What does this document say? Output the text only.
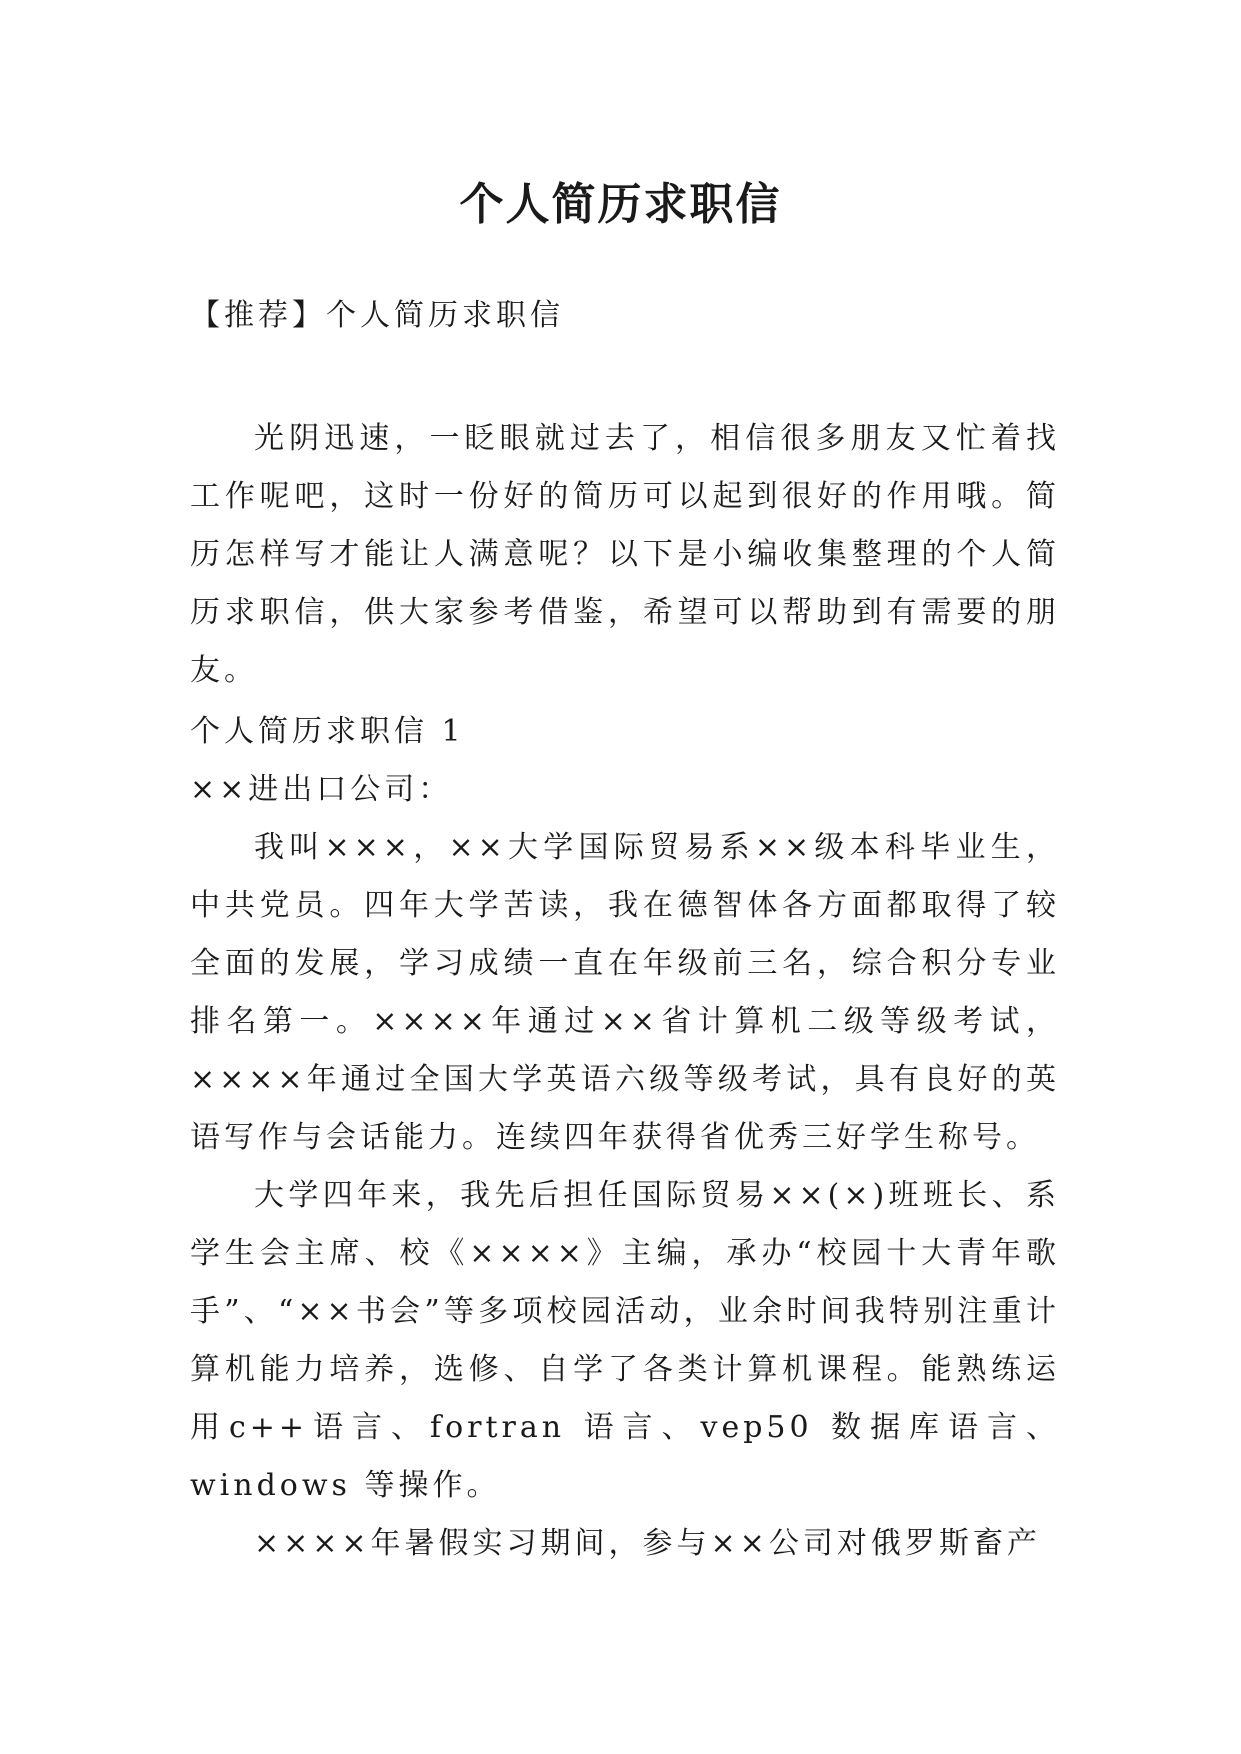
个人简历求职信
【推荐】个人简历求职信

光阴迅速，一眨眼就过去了，相信很多朋友又忙着找工作呢吧，这时一份好的简历可以起到很好的作用哦。简历怎样写才能让人满意呢？以下是小编收集整理的个人简历求职信，供大家参考借鉴，希望可以帮助到有需要的朋友。

个人简历求职信 1

××进出口公司：

我叫×××，××大学国际贸易系××级本科毕业生，中共党员。四年大学苦读，我在德智体各方面都取得了较全面的发展，学习成绩一直在年级前三名，综合积分专业排名第一。××××年通过××省计算机二级等级考试，××××年通过全国大学英语六级等级考试，具有良好的英语写作与会话能力。连续四年获得省优秀三好学生称号。

大学四年来，我先后担任国际贸易××(×)班班长、系学生会主席、校《××××》主编，承办“校园十大青年歌手”、“××书会”等多项校园活动，业余时间我特别注重计算机能力培养，选修、自学了各类计算机课程。能熟练运用c++语言、fortran 语言、vep50 数据库语言、windows 等操作。

××××年暑假实习期间，参与××公司对俄罗斯畜产
